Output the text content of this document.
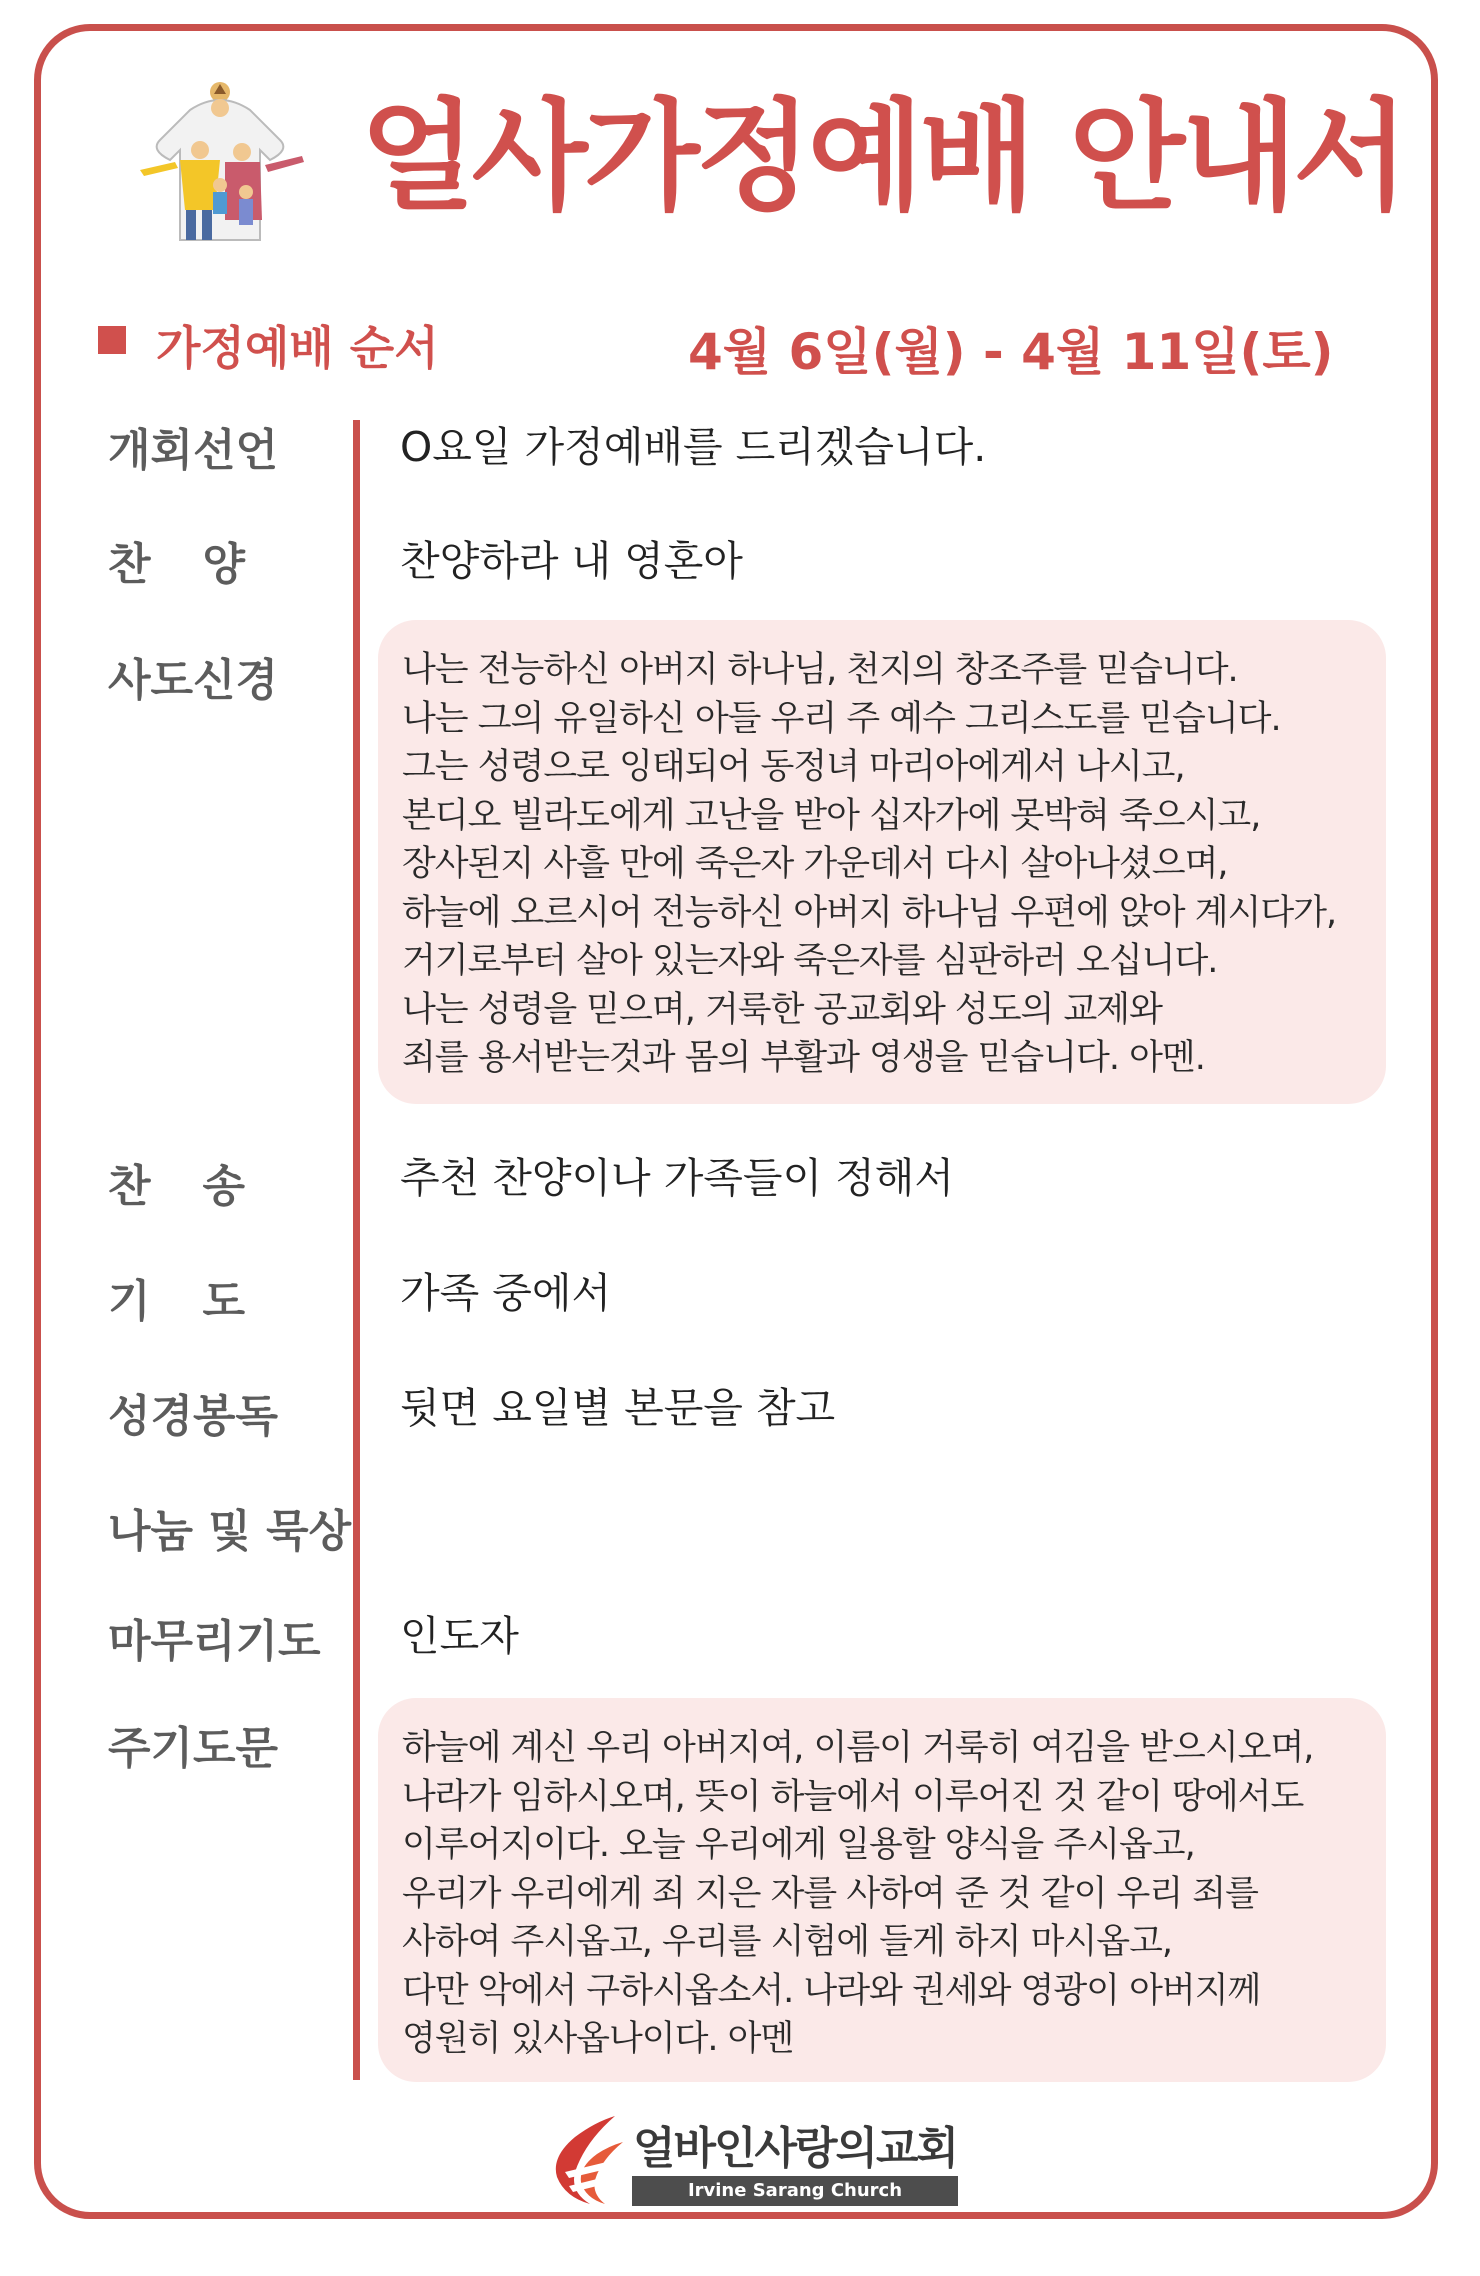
얼사가정예배 안내서
가정예배 순서	4월 6일(월) - 4월 11일(토)
개회선언	O요일 가정예배를 드리겠습니다.
찬양	찬양하라 내 영혼아
사도신경	나는 전능하신 아버지 하나님, 천지의 창조주를 믿습니다.
나는 그의 유일하신 아들 우리 주 예수 그리스도를 믿습니다.
그는 성령으로 잉태되어 동정녀 마리아에게서 나시고,
본디오 빌라도에게 고난을 받아 십자가에 못박혀 죽으시고,
장사된지 사흘 만에 죽은자 가운데서 다시 살아나셨으며,
하늘에 오르시어 전능하신 아버지 하나님 우편에 앉아 계시다가,
거기로부터 살아 있는자와 죽은자를 심판하러 오십니다.
나는 성령을 믿으며, 거룩한 공교회와 성도의 교제와
죄를 용서받는것과 몸의 부활과 영생을 믿습니다. 아멘.
찬송	추천 찬양이나 가족들이 정해서
기도	가족 중에서
성경봉독	뒷면 요일별 본문을 참고
나눔 및 묵상
마무리기도 인도자
주기도문	하늘에 계신 우리 아버지여, 이름이 거룩히 여김을 받으시오며,
나라가 임하시오며, 뜻이 하늘에서 이루어진 것 같이 땅에서도
이루어지이다. 오늘 우리에게 일용할 양식을 주시옵고,
우리가 우리에게 죄 지은 자를 사하여 준 것 같이 우리 죄를
사하여 주시옵고, 우리를 시험에 들게 하지 마시옵고,
다만 악에서 구하시옵소서. 나라와 권세와 영광이 아버지께
영원히 있사옵나이다. 아멘
얼바인사랑의교회
Irvine Sarang Church
